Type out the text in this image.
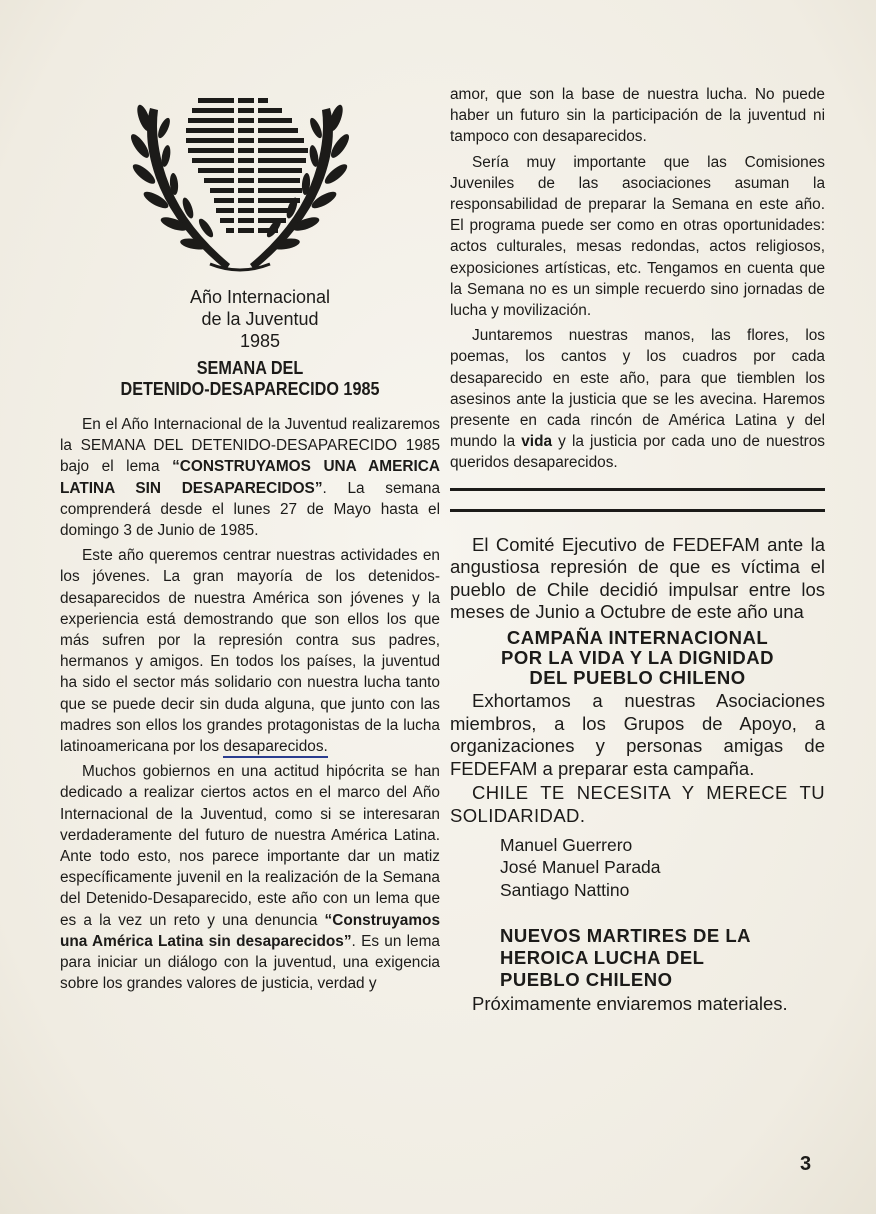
Año Internacional
de la Juventud
1985
SEMANA DEL
DETENIDO-DESAPARECIDO 1985

En el Año Internacional de la Juventud realizaremos la SEMANA DEL DETENIDO-DESAPARECIDO 1985 bajo el lema “CONSTRUYAMOS UNA AMERICA LATINA SIN DESAPARECIDOS”. La semana comprenderá desde el lunes 27 de Mayo hasta el domingo 3 de Junio de 1985.

Este año queremos centrar nuestras actividades en los jóvenes. La gran mayoría de los detenidos-desaparecidos de nuestra América son jóvenes y la experiencia está demostrando que son ellos los que más sufren por la represión contra sus padres, hermanos y amigos. En todos los países, la juventud ha sido el sector más solidario con nuestra lucha tanto que se puede decir sin duda alguna, que junto con las madres son ellos los grandes protagonistas de la lucha latinoamericana por los desaparecidos.

Muchos gobiernos en una actitud hipócrita se han dedicado a realizar ciertos actos en el marco del Año Internacional de la Juventud, como si se interesaran verdaderamente del futuro de nuestra América Latina. Ante todo esto, nos parece importante dar un matiz específicamente juvenil en la realización de la Semana del Detenido-Desaparecido, este año con un lema que es a la vez un reto y una denuncia “Construyamos una América Latina sin desaparecidos”. Es un lema para iniciar un diálogo con la juventud, una exigencia sobre los grandes valores de justicia, verdad y

amor, que son la base de nuestra lucha. No puede haber un futuro sin la participación de la juventud ni tampoco con desaparecidos.

Sería muy importante que las Comisiones Juveniles de las asociaciones asuman la responsabilidad de preparar la Semana en este año. El programa puede ser como en otras oportunidades: actos culturales, mesas redondas, actos religiosos, exposiciones artísticas, etc. Tengamos en cuenta que la Semana no es un simple recuerdo sino jornadas de lucha y movilización.

Juntaremos nuestras manos, las flores, los poemas, los cantos y los cuadros por cada desaparecido en este año, para que tiemblen los asesinos ante la justicia que se les avecina. Haremos presente en cada rincón de América Latina y del mundo la vida y la justicia por cada uno de nuestros queridos desaparecidos.

El Comité Ejecutivo de FEDEFAM ante la angustiosa represión de que es víctima el pueblo de Chile decidió impulsar entre los meses de Junio a Octubre de este año una

CAMPAÑA INTERNACIONAL
POR LA VIDA Y LA DIGNIDAD
DEL PUEBLO CHILENO

Exhortamos a nuestras Asociaciones miembros, a los Grupos de Apoyo, a organizaciones y personas amigas de FEDEFAM a preparar esta campaña.

CHILE TE NECESITA Y MERECE TU SOLIDARIDAD.

Manuel Guerrero
José Manuel Parada
Santiago Nattino
NUEVOS MARTIRES DE LA
HEROICA LUCHA DEL
PUEBLO CHILENO

Próximamente enviaremos materiales.

3
